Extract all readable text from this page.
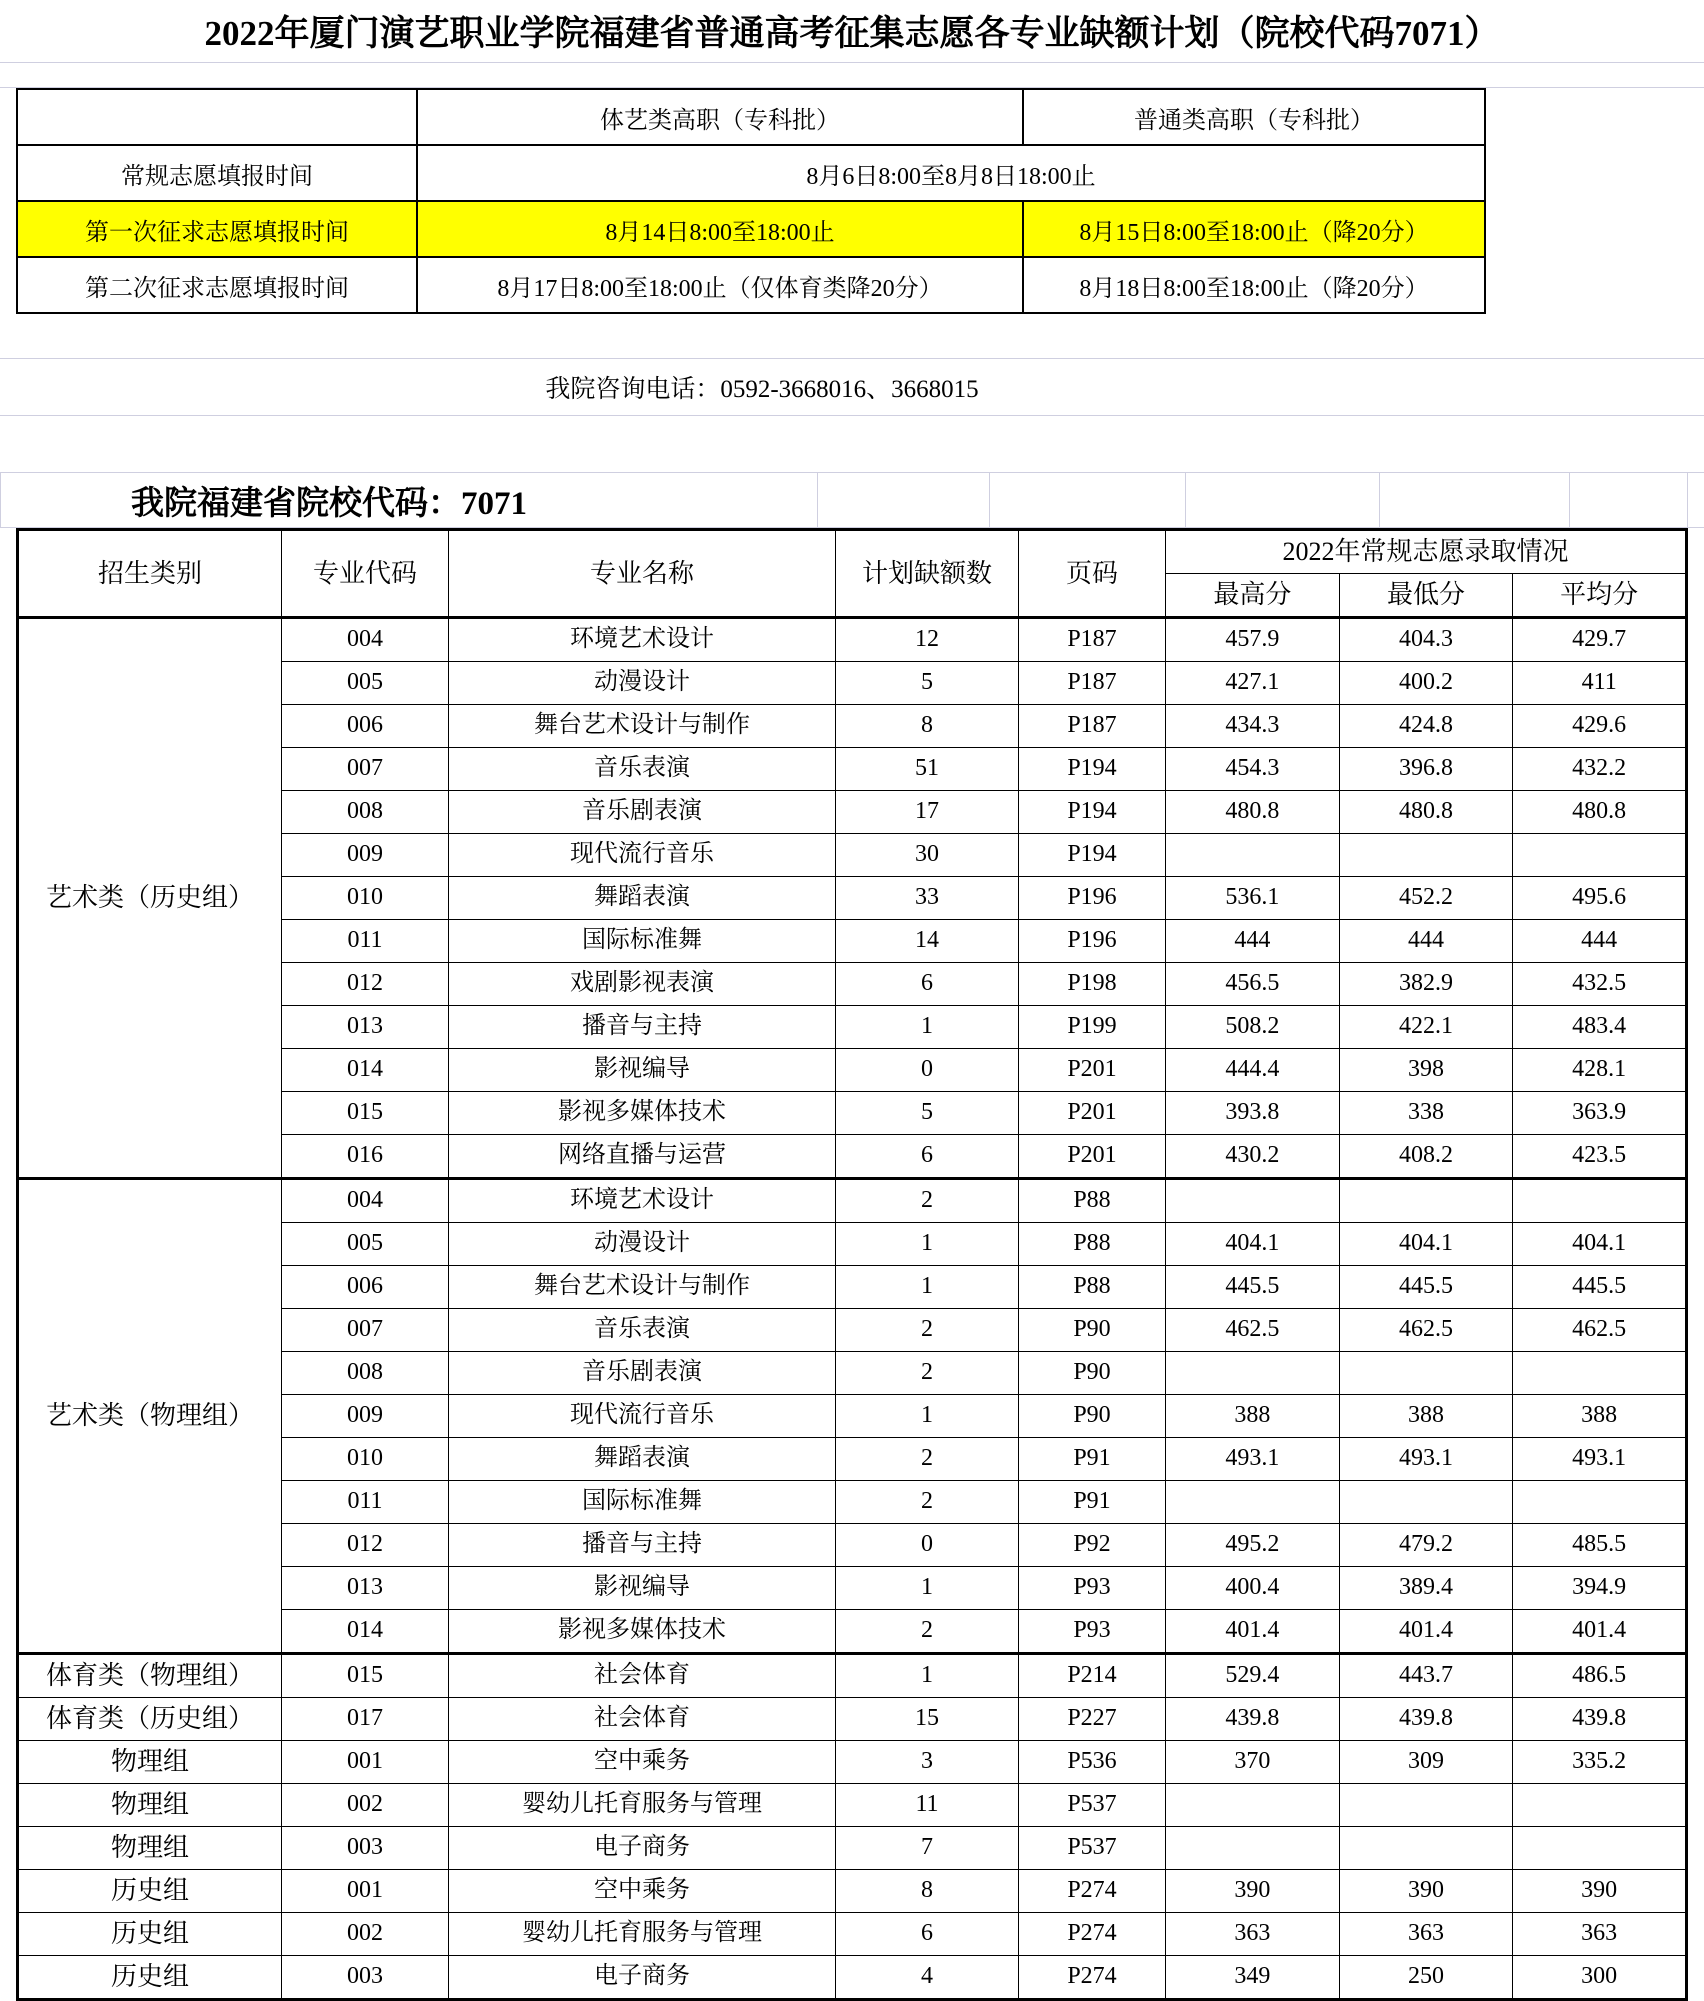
2022年厦门演艺职业学院福建省普通高考征集志愿各专业缺额计划（院校代码7071）
	体艺类高职（专科批）	普通类高职（专科批）
常规志愿填报时间	8月6日8:00至8月8日18:00止	
第一次征求志愿填报时间	8月14日8:00至18:00止	8月15日8:00至18:00止（降20分）
第二次征求志愿填报时间	8月17日8:00至18:00止（仅体育类降20分）	8月18日8:00至18:00止（降20分）
我院咨询电话：0592-3668016、3668015
我院福建省院校代码：7071
招生类别	专业代码	专业名称	计划缺额数	页码	2022年常规志愿录取情况		
					最高分	最低分	平均分
艺术类（历史组）	004	环境艺术设计	12	P187	457.9	404.3	429.7
	005	动漫设计	5	P187	427.1	400.2	411
	006	舞台艺术设计与制作	8	P187	434.3	424.8	429.6
	007	音乐表演	51	P194	454.3	396.8	432.2
	008	音乐剧表演	17	P194	480.8	480.8	480.8
	009	现代流行音乐	30	P194			
	010	舞蹈表演	33	P196	536.1	452.2	495.6
	011	国际标准舞	14	P196	444	444	444
	012	戏剧影视表演	6	P198	456.5	382.9	432.5
	013	播音与主持	1	P199	508.2	422.1	483.4
	014	影视编导	0	P201	444.4	398	428.1
	015	影视多媒体技术	5	P201	393.8	338	363.9
	016	网络直播与运营	6	P201	430.2	408.2	423.5
艺术类（物理组）	004	环境艺术设计	2	P88			
	005	动漫设计	1	P88	404.1	404.1	404.1
	006	舞台艺术设计与制作	1	P88	445.5	445.5	445.5
	007	音乐表演	2	P90	462.5	462.5	462.5
	008	音乐剧表演	2	P90			
	009	现代流行音乐	1	P90	388	388	388
	010	舞蹈表演	2	P91	493.1	493.1	493.1
	011	国际标准舞	2	P91			
	012	播音与主持	0	P92	495.2	479.2	485.5
	013	影视编导	1	P93	400.4	389.4	394.9
	014	影视多媒体技术	2	P93	401.4	401.4	401.4
体育类（物理组）	015	社会体育	1	P214	529.4	443.7	486.5
体育类（历史组）	017	社会体育	15	P227	439.8	439.8	439.8
物理组	001	空中乘务	3	P536	370	309	335.2
物理组	002	婴幼儿托育服务与管理	11	P537			
物理组	003	电子商务	7	P537			
历史组	001	空中乘务	8	P274	390	390	390
历史组	002	婴幼儿托育服务与管理	6	P274	363	363	363
历史组	003	电子商务	4	P274	349	250	300
